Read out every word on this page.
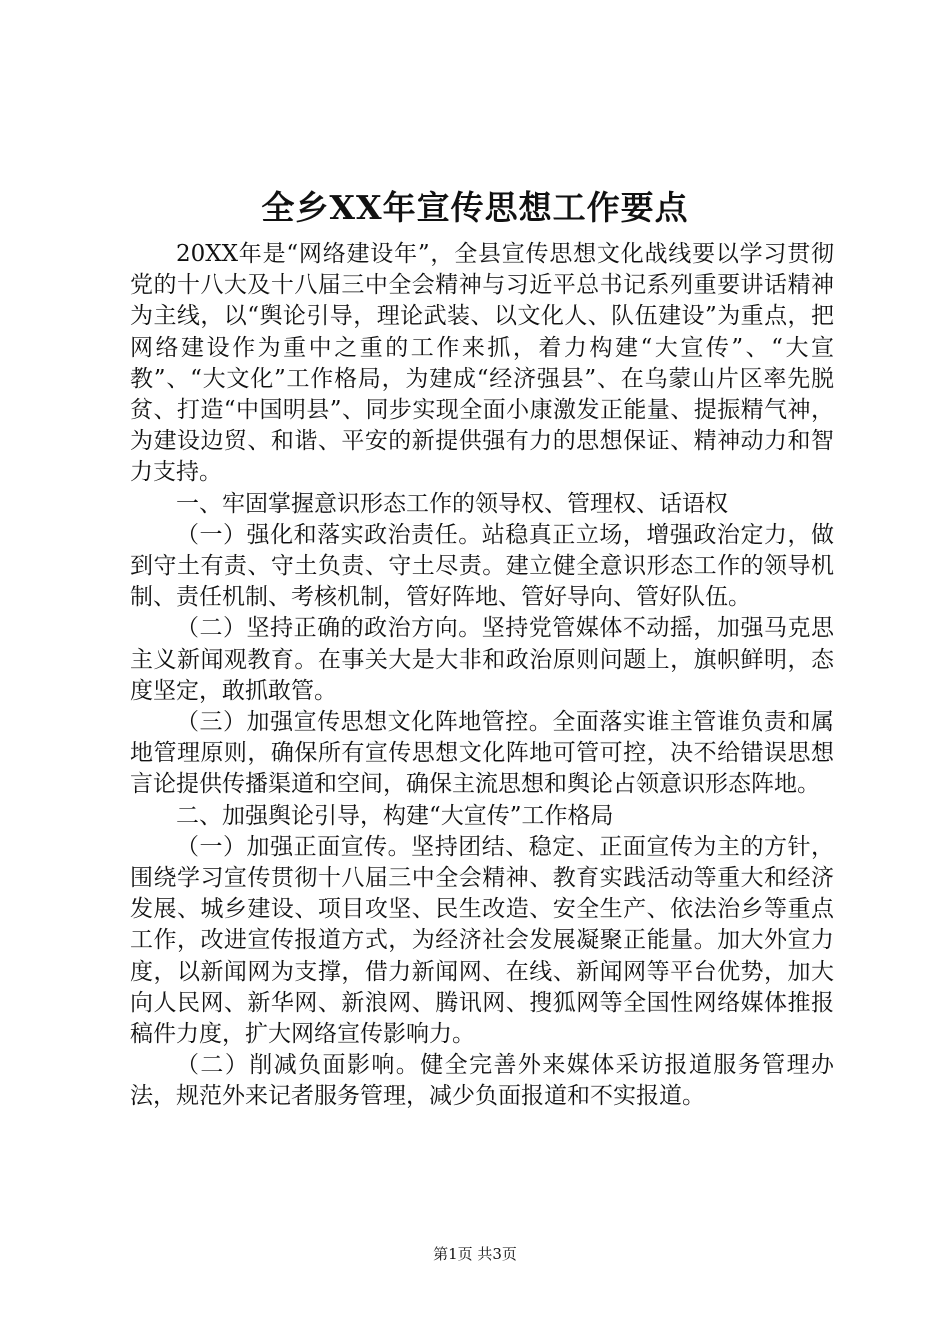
全乡XX年宣传思想工作要点

20XX年是“网络建设年”，全县宣传思想文化战线要以学习贯彻党的十八大及十八届三中全会精神与习近平总书记系列重要讲话精神为主线，以“舆论引导，理论武装、以文化人、队伍建设”为重点，把网络建设作为重中之重的工作来抓，着力构建“大宣传”、“大宣教”、“大文化”工作格局，为建成“经济强县”、在乌蒙山片区率先脱贫、打造“中国明县”、同步实现全面小康激发正能量、提振精气神，为建设边贸、和谐、平安的新提供强有力的思想保证、精神动力和智力支持。

一、牢固掌握意识形态工作的领导权、管理权、话语权

（一）强化和落实政治责任。站稳真正立场，增强政治定力，做到守土有责、守土负责、守土尽责。建立健全意识形态工作的领导机制、责任机制、考核机制，管好阵地、管好导向、管好队伍。

（二）坚持正确的政治方向。坚持党管媒体不动摇，加强马克思主义新闻观教育。在事关大是大非和政治原则问题上，旗帜鲜明，态度坚定，敢抓敢管。

（三）加强宣传思想文化阵地管控。全面落实谁主管谁负责和属地管理原则，确保所有宣传思想文化阵地可管可控，决不给错误思想言论提供传播渠道和空间，确保主流思想和舆论占领意识形态阵地。

二、加强舆论引导，构建“大宣传”工作格局

（一）加强正面宣传。坚持团结、稳定、正面宣传为主的方针，围绕学习宣传贯彻十八届三中全会精神、教育实践活动等重大和经济发展、城乡建设、项目攻坚、民生改造、安全生产、依法治乡等重点工作，改进宣传报道方式，为经济社会发展凝聚正能量。加大外宣力度，以新闻网为支撑，借力新闻网、在线、新闻网等平台优势，加大向人民网、新华网、新浪网、腾讯网、搜狐网等全国性网络媒体推报稿件力度，扩大网络宣传影响力。

（二）削减负面影响。健全完善外来媒体采访报道服务管理办法，规范外来记者服务管理，减少负面报道和不实报道。

第1页 共3页
